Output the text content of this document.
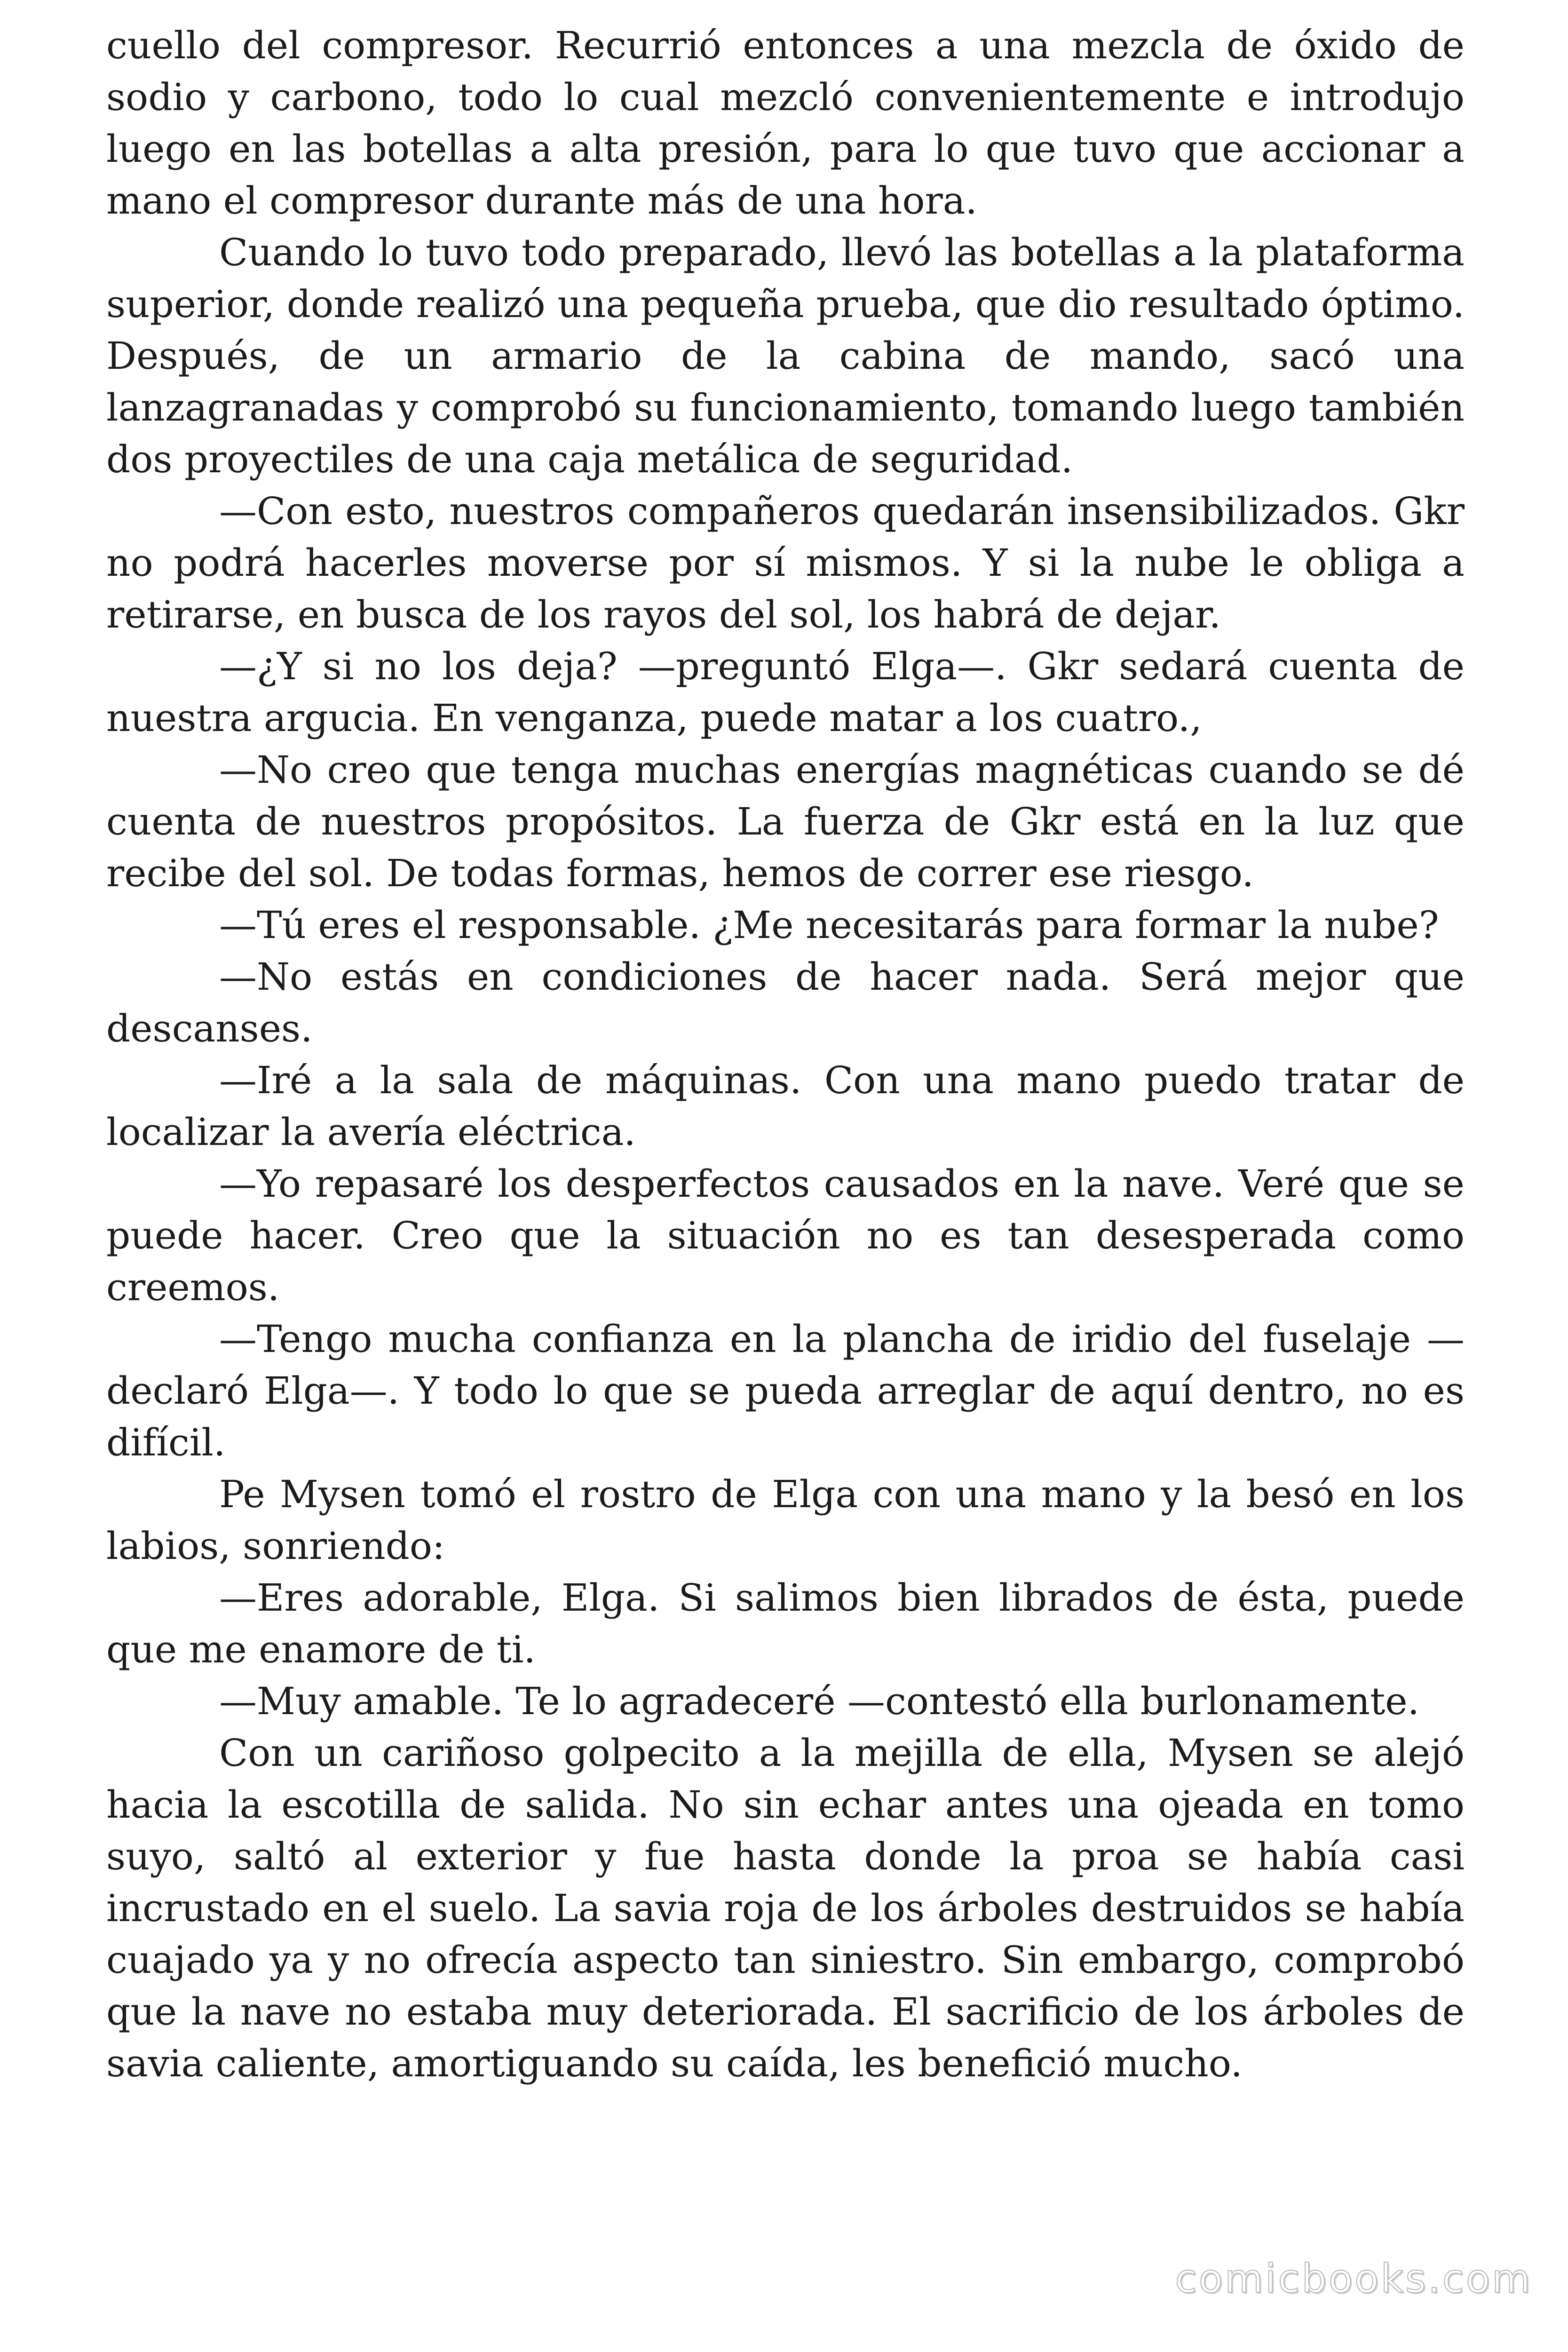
cuello del compresor. Recurrió entonces a una mezcla de óxido de sodio y carbono, todo lo cual mezcló convenientemente e introdujo luego en las botellas a alta presión, para lo que tuvo que accionar a mano el compresor durante más de una hora.

Cuando lo tuvo todo preparado, llevó las botellas a la plataforma superior, donde realizó una pequeña prueba, que dio resultado óptimo. Después, de un armario de la cabina de mando, sacó una lanzagranadas y comprobó su funcionamiento, tomando luego también dos proyectiles de una caja metálica de seguridad.

—Con esto, nuestros compañeros quedarán insensibilizados. Gkr no podrá hacerles moverse por sí mismos. Y si la nube le obliga a retirarse, en busca de los rayos del sol, los habrá de dejar.

—¿Y si no los deja? —preguntó Elga—. Gkr sedará cuenta de nuestra argucia. En venganza, puede matar a los cuatro.,

—No creo que tenga muchas energías magnéticas cuando se dé cuenta de nuestros propósitos. La fuerza de Gkr está en la luz que recibe del sol. De todas formas, hemos de correr ese riesgo.

—Tú eres el responsable. ¿Me necesitarás para formar la nube?

—No estás en condiciones de hacer nada. Será mejor que descanses.

—Iré a la sala de máquinas. Con una mano puedo tratar de localizar la avería eléctrica.

—Yo repasaré los desperfectos causados en la nave. Veré que se puede hacer. Creo que la situación no es tan desesperada como creemos.

—Tengo mucha confianza en la plancha de iridio del fuselaje —declaró Elga—. Y todo lo que se pueda arreglar de aquí dentro, no es difícil.

Pe Mysen tomó el rostro de Elga con una mano y la besó en los labios, sonriendo:

—Eres adorable, Elga. Si salimos bien librados de ésta, puede que me enamore de ti.

—Muy amable. Te lo agradeceré —contestó ella burlonamente.

Con un cariñoso golpecito a la mejilla de ella, Mysen se alejó hacia la escotilla de salida. No sin echar antes una ojeada en tomo suyo, saltó al exterior y fue hasta donde la proa se había casi incrustado en el suelo. La savia roja de los árboles destruidos se había cuajado ya y no ofrecía aspecto tan siniestro. Sin embargo, comprobó que la nave no estaba muy deteriorada. El sacrificio de los árboles de savia caliente, amortiguando su caída, les benefició mucho.

comicbooks.com
